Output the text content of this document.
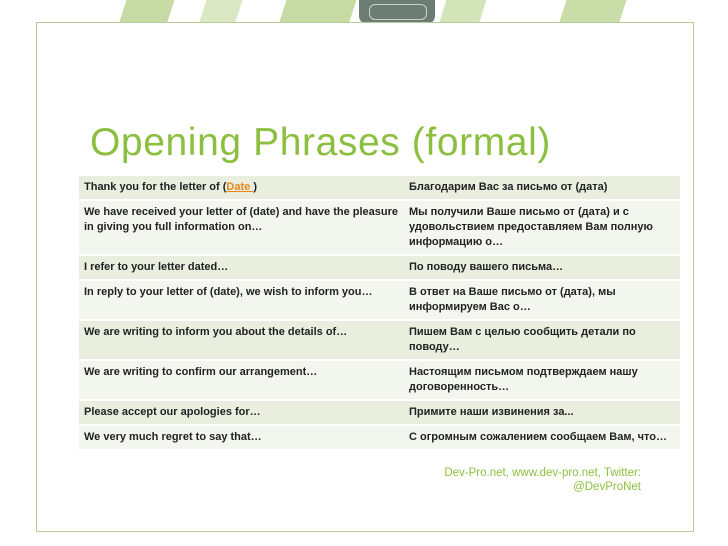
Opening Phrases (formal)
Thank you for the letter of (Date )	Благодарим Вас за письмо от (дата)
We have received your letter of (date) and have the pleasure in giving you full information on…	Мы получили Ваше письмо от (дата) и с удовольствием предоставляем Вам полную информацию о…
I refer to your letter dated…	По поводу вашего письма…
In reply to your letter of (date), we wish to inform you…	В ответ на Ваше письмо от (дата), мы информируем Вас о…
We are writing to inform you about the details of…	Пишем Вам с целью сообщить детали по поводу…
We are writing to confirm our arrangement…	Настоящим письмом подтверждаем нашу договоренность…
Please accept our apologies for…	Примите наши извинения за...
We very much regret to say that…	С огромным сожалением сообщаем Вам, что…
Dev-Pro.net, www.dev-pro.net, Twitter:
@DevProNet
